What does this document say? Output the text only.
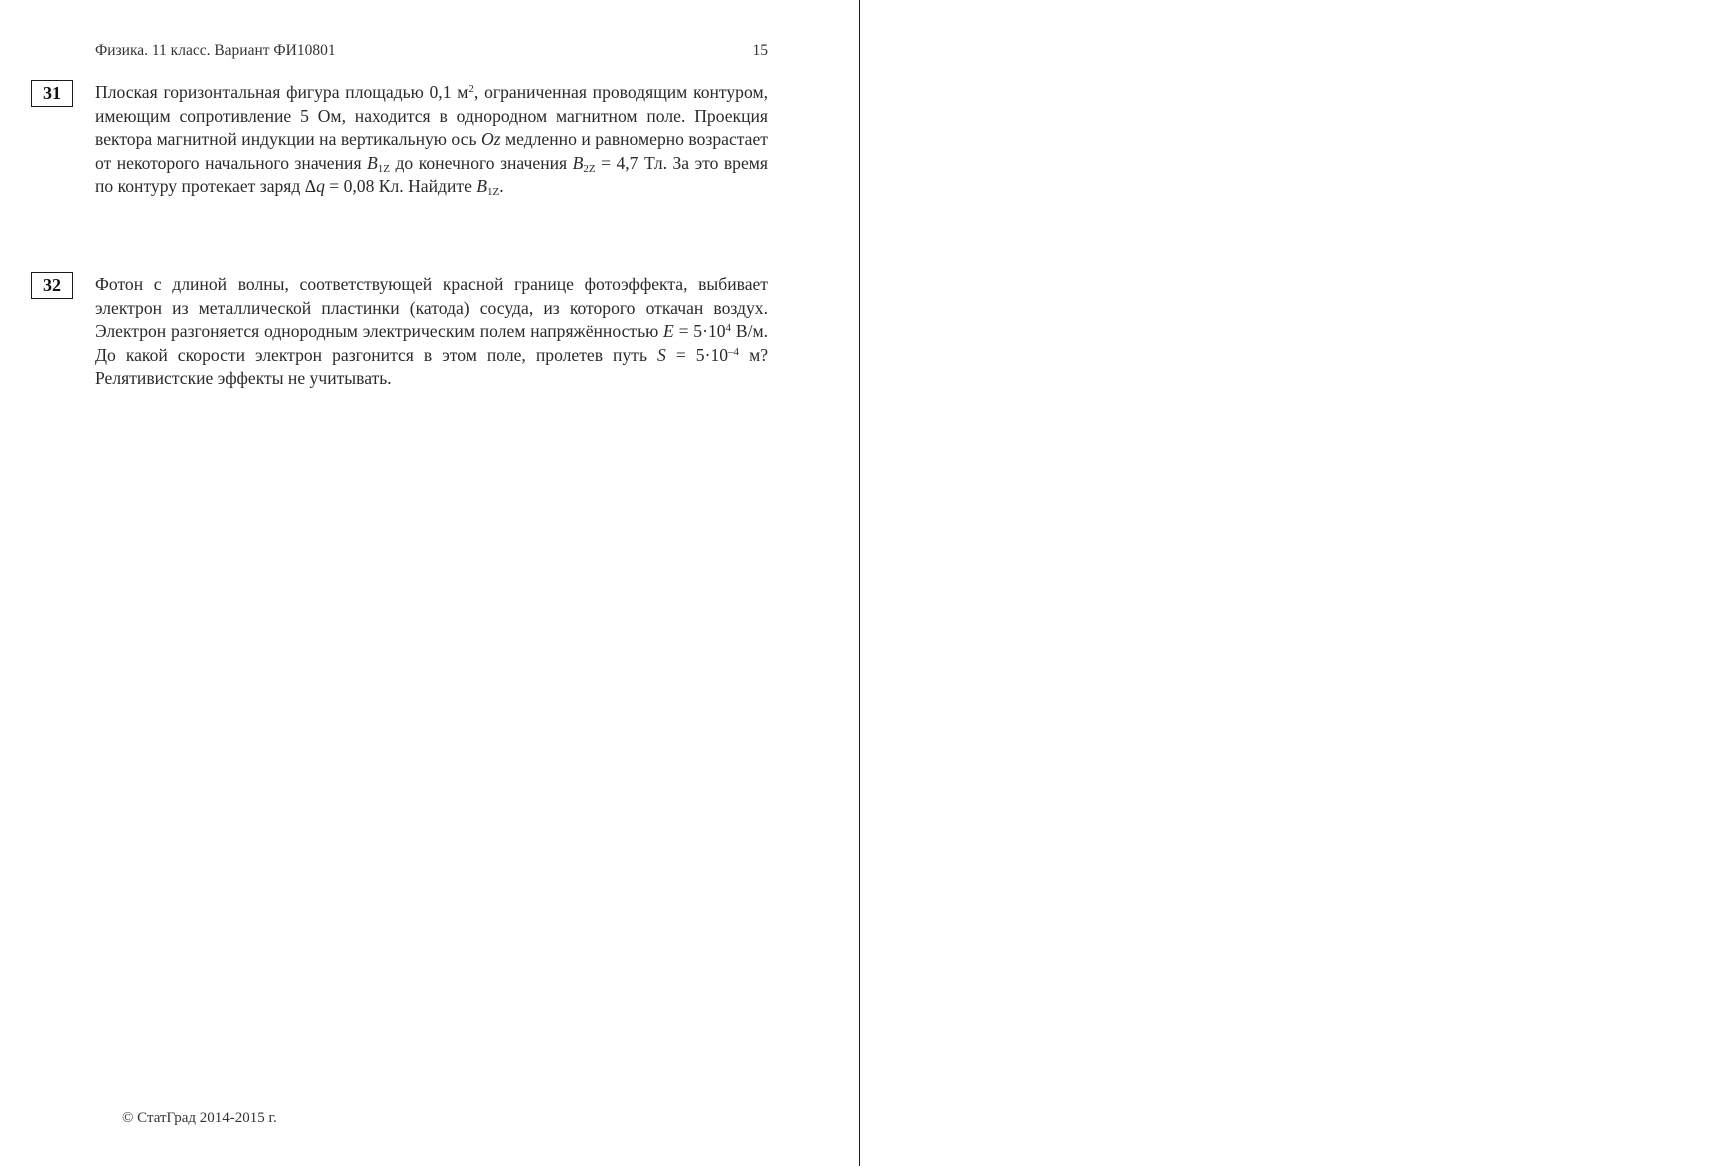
Физика. 11 класс. Вариант ФИ10801	15
31	Плоская горизонтальная фигура площадью 0,1 $м^2$, ограниченная проводящим контуром, имеющим сопротивление 5 Ом, находится в однородном магнитном поле. Проекция вектора магнитной индукции на вертикальную ось Oz медленно и равномерно возрастает от некоторого начального значения $B_{1Z}$ до конечного значения $B_{2Z} = 4,7$ Тл. За это время по контуру протекает заряд Δq = 0,08 Кл. Найдите $B_{1Z}$.
32	Фотон с длиной волны, соответствующей красной границе фотоэффекта, выбивает электрон из металлической пластинки (катода) сосуда, из которого откачан воздух. Электрон разгоняется однородным электрическим полем напряжённостью $E = 5\cdot 10^4$ В/м. До какой скорости электрон разгонится в этом поле, пролетев путь $S = 5\cdot 10^{-4}$ м? Релятивистские эффекты не учитывать.
© СтатГрад 2014-2015 г.
